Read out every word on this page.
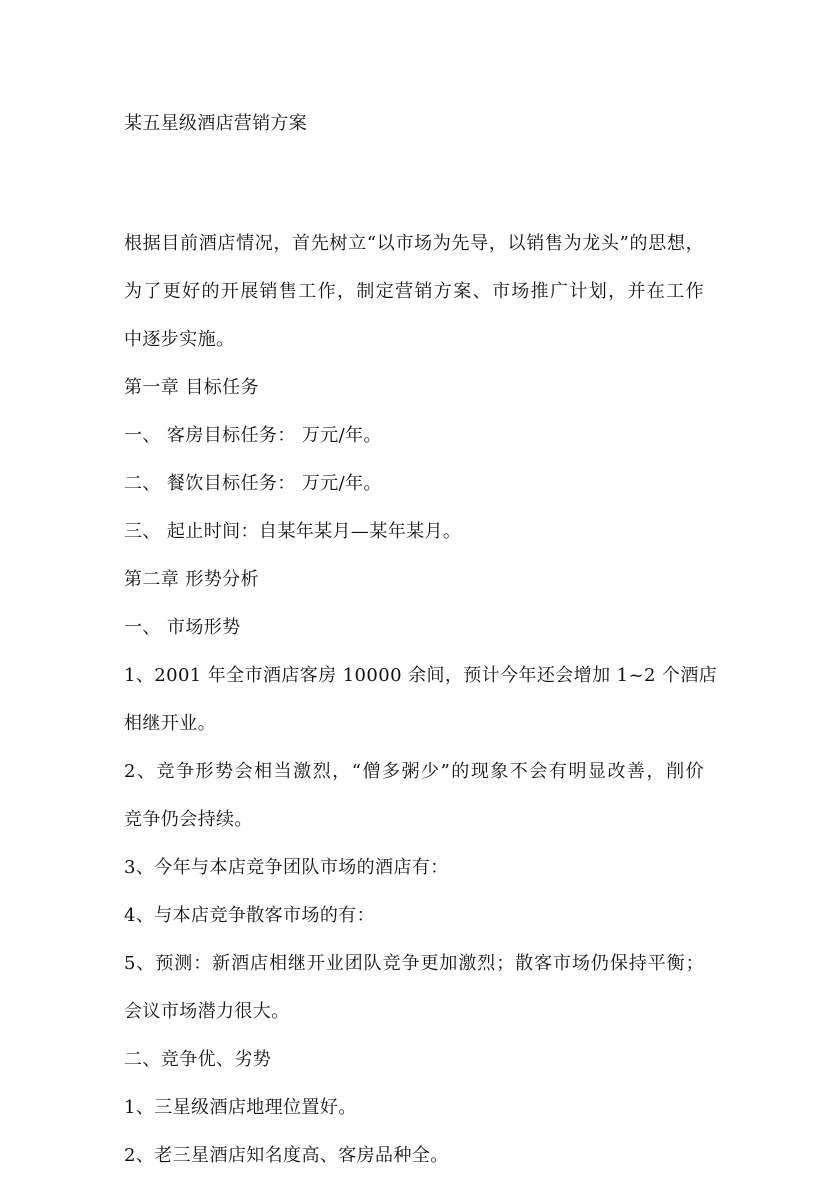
某五星级酒店营销方案
根据目前酒店情况，首先树立“以市场为先导，以销售为龙头”的思想，
为了更好的开展销售工作，制定营销方案、市场推广计划，并在工作
中逐步实施。
第一章 目标任务
一、 客房目标任务： 万元/年。
二、 餐饮目标任务： 万元/年。
三、 起止时间：自某年某月—某年某月。
第二章 形势分析
一、 市场形势
1、2001 年全市酒店客房 10000 余间，预计今年还会增加 1~2 个酒店
相继开业。
2、竞争形势会相当激烈，“僧多粥少”的现象不会有明显改善，削价
竞争仍会持续。
3、今年与本店竞争团队市场的酒店有：
4、与本店竞争散客市场的有：
5、预测：新酒店相继开业团队竞争更加激烈；散客市场仍保持平衡；
会议市场潜力很大。
二、竞争优、劣势
1、三星级酒店地理位置好。
2、老三星酒店知名度高、客房品种全。
